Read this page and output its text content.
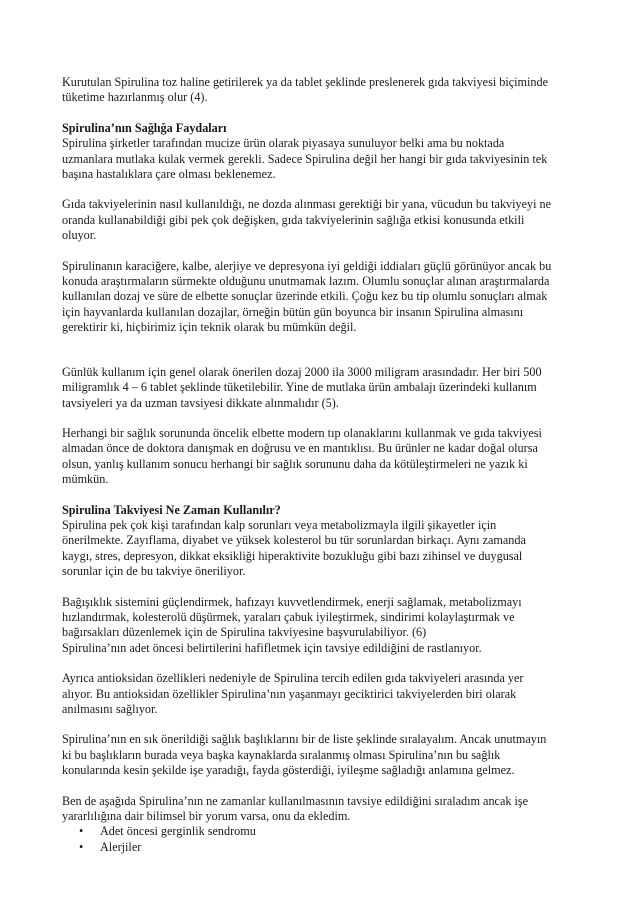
Kurutulan Spirulina toz haline getirilerek ya da tablet şeklinde preslenerek gıda takviyesi biçiminde
tüketime hazırlanmış olur (4).

Spirulina’nın Sağlığa Faydaları

Spirulina şirketler tarafından mucize ürün olarak piyasaya sunuluyor belki ama bu noktada
uzmanlara mutlaka kulak vermek gerekli. Sadece Spirulina değil her hangi bir gıda takviyesinin tek
başına hastalıklara çare olması beklenemez.

Gıda takviyelerinin nasıl kullanıldığı, ne dozda alınması gerektiği bir yana, vücudun bu takviyeyi ne
oranda kullanabildiği gibi pek çok değişken, gıda takviyelerinin sağlığa etkisi konusunda etkili
oluyor.

Spirulinanın karaciğere, kalbe, alerjiye ve depresyona iyi geldiği iddiaları güçlü görünüyor ancak bu
konuda araştırmaların sürmekte olduğunu unutmamak lazım. Olumlu sonuçlar alınan araştırmalarda
kullanılan dozaj ve süre de elbette sonuçlar üzerinde etkili. Çoğu kez bu tip olumlu sonuçları almak
için hayvanlarda kullanılan dozajlar, örneğin bütün gün boyunca bir insanın Spirulina almasını
gerektirir ki, hiçbirimiz için teknik olarak bu mümkün değil.

Günlük kullanım için genel olarak önerilen dozaj 2000 ila 3000 miligram arasındadır. Her biri 500
miligramlık 4 – 6 tablet şeklinde tüketilebilir. Yine de mutlaka ürün ambalajı üzerindeki kullanım
tavsiyeleri ya da uzman tavsiyesi dikkate alınmalıdır (5).

Herhangi bir sağlık sorununda öncelik elbette modern tıp olanaklarını kullanmak ve gıda takviyesi
almadan önce de doktora danışmak en doğrusu ve en mantıklısı. Bu ürünler ne kadar doğal olursa
olsun, yanlış kullanım sonucu herhangi bir sağlık sorununu daha da kötüleştirmeleri ne yazık ki
mümkün.

Spirulina Takviyesi Ne Zaman Kullanılır?

Spirulina pek çok kişi tarafından kalp sorunları veya metabolizmayla ilgili şikayetler için
önerilmekte. Zayıflama, diyabet ve yüksek kolesterol bu tür sorunlardan birkaçı. Aynı zamanda
kaygı, stres, depresyon, dikkat eksikliği hiperaktivite bozukluğu gibi bazı zihinsel ve duygusal
sorunlar için de bu takviye öneriliyor.

Bağışıklık sistemini güçlendirmek, hafızayı kuvvetlendirmek, enerji sağlamak, metabolizmayı
hızlandırmak, kolesterolü düşürmek, yaraları çabuk iyileştirmek, sindirimi kolaylaştırmak ve
bağırsakları düzenlemek için de Spirulina takviyesine başvurulabiliyor. (6)
Spirulina’nın adet öncesi belirtilerini hafifletmek için tavsiye edildiğini de rastlanıyor.

Ayrıca antioksidan özellikleri nedeniyle de Spirulina tercih edilen gıda takviyeleri arasında yer
alıyor. Bu antioksidan özellikler Spirulina’nın yaşanmayı geciktirici takviyelerden biri olarak
anılmasını sağlıyor.

Spirulina’nın en sık önerildiği sağlık başlıklarını bir de liste şeklinde sıralayalım. Ancak unutmayın
ki bu başlıkların burada veya başka kaynaklarda sıralanmış olması Spirulina’nın bu sağlık
konularında kesin şekilde işe yaradığı, fayda gösterdiği, iyileşme sağladığı anlamına gelmez.

Ben de aşağıda Spirulina’nın ne zamanlar kullanılmasının tavsiye edildiğini sıraladım ancak işe
yararlılığına dair bilimsel bir yorum varsa, onu da ekledim.

• Adet öncesi gerginlik sendromu
• Alerjiler
